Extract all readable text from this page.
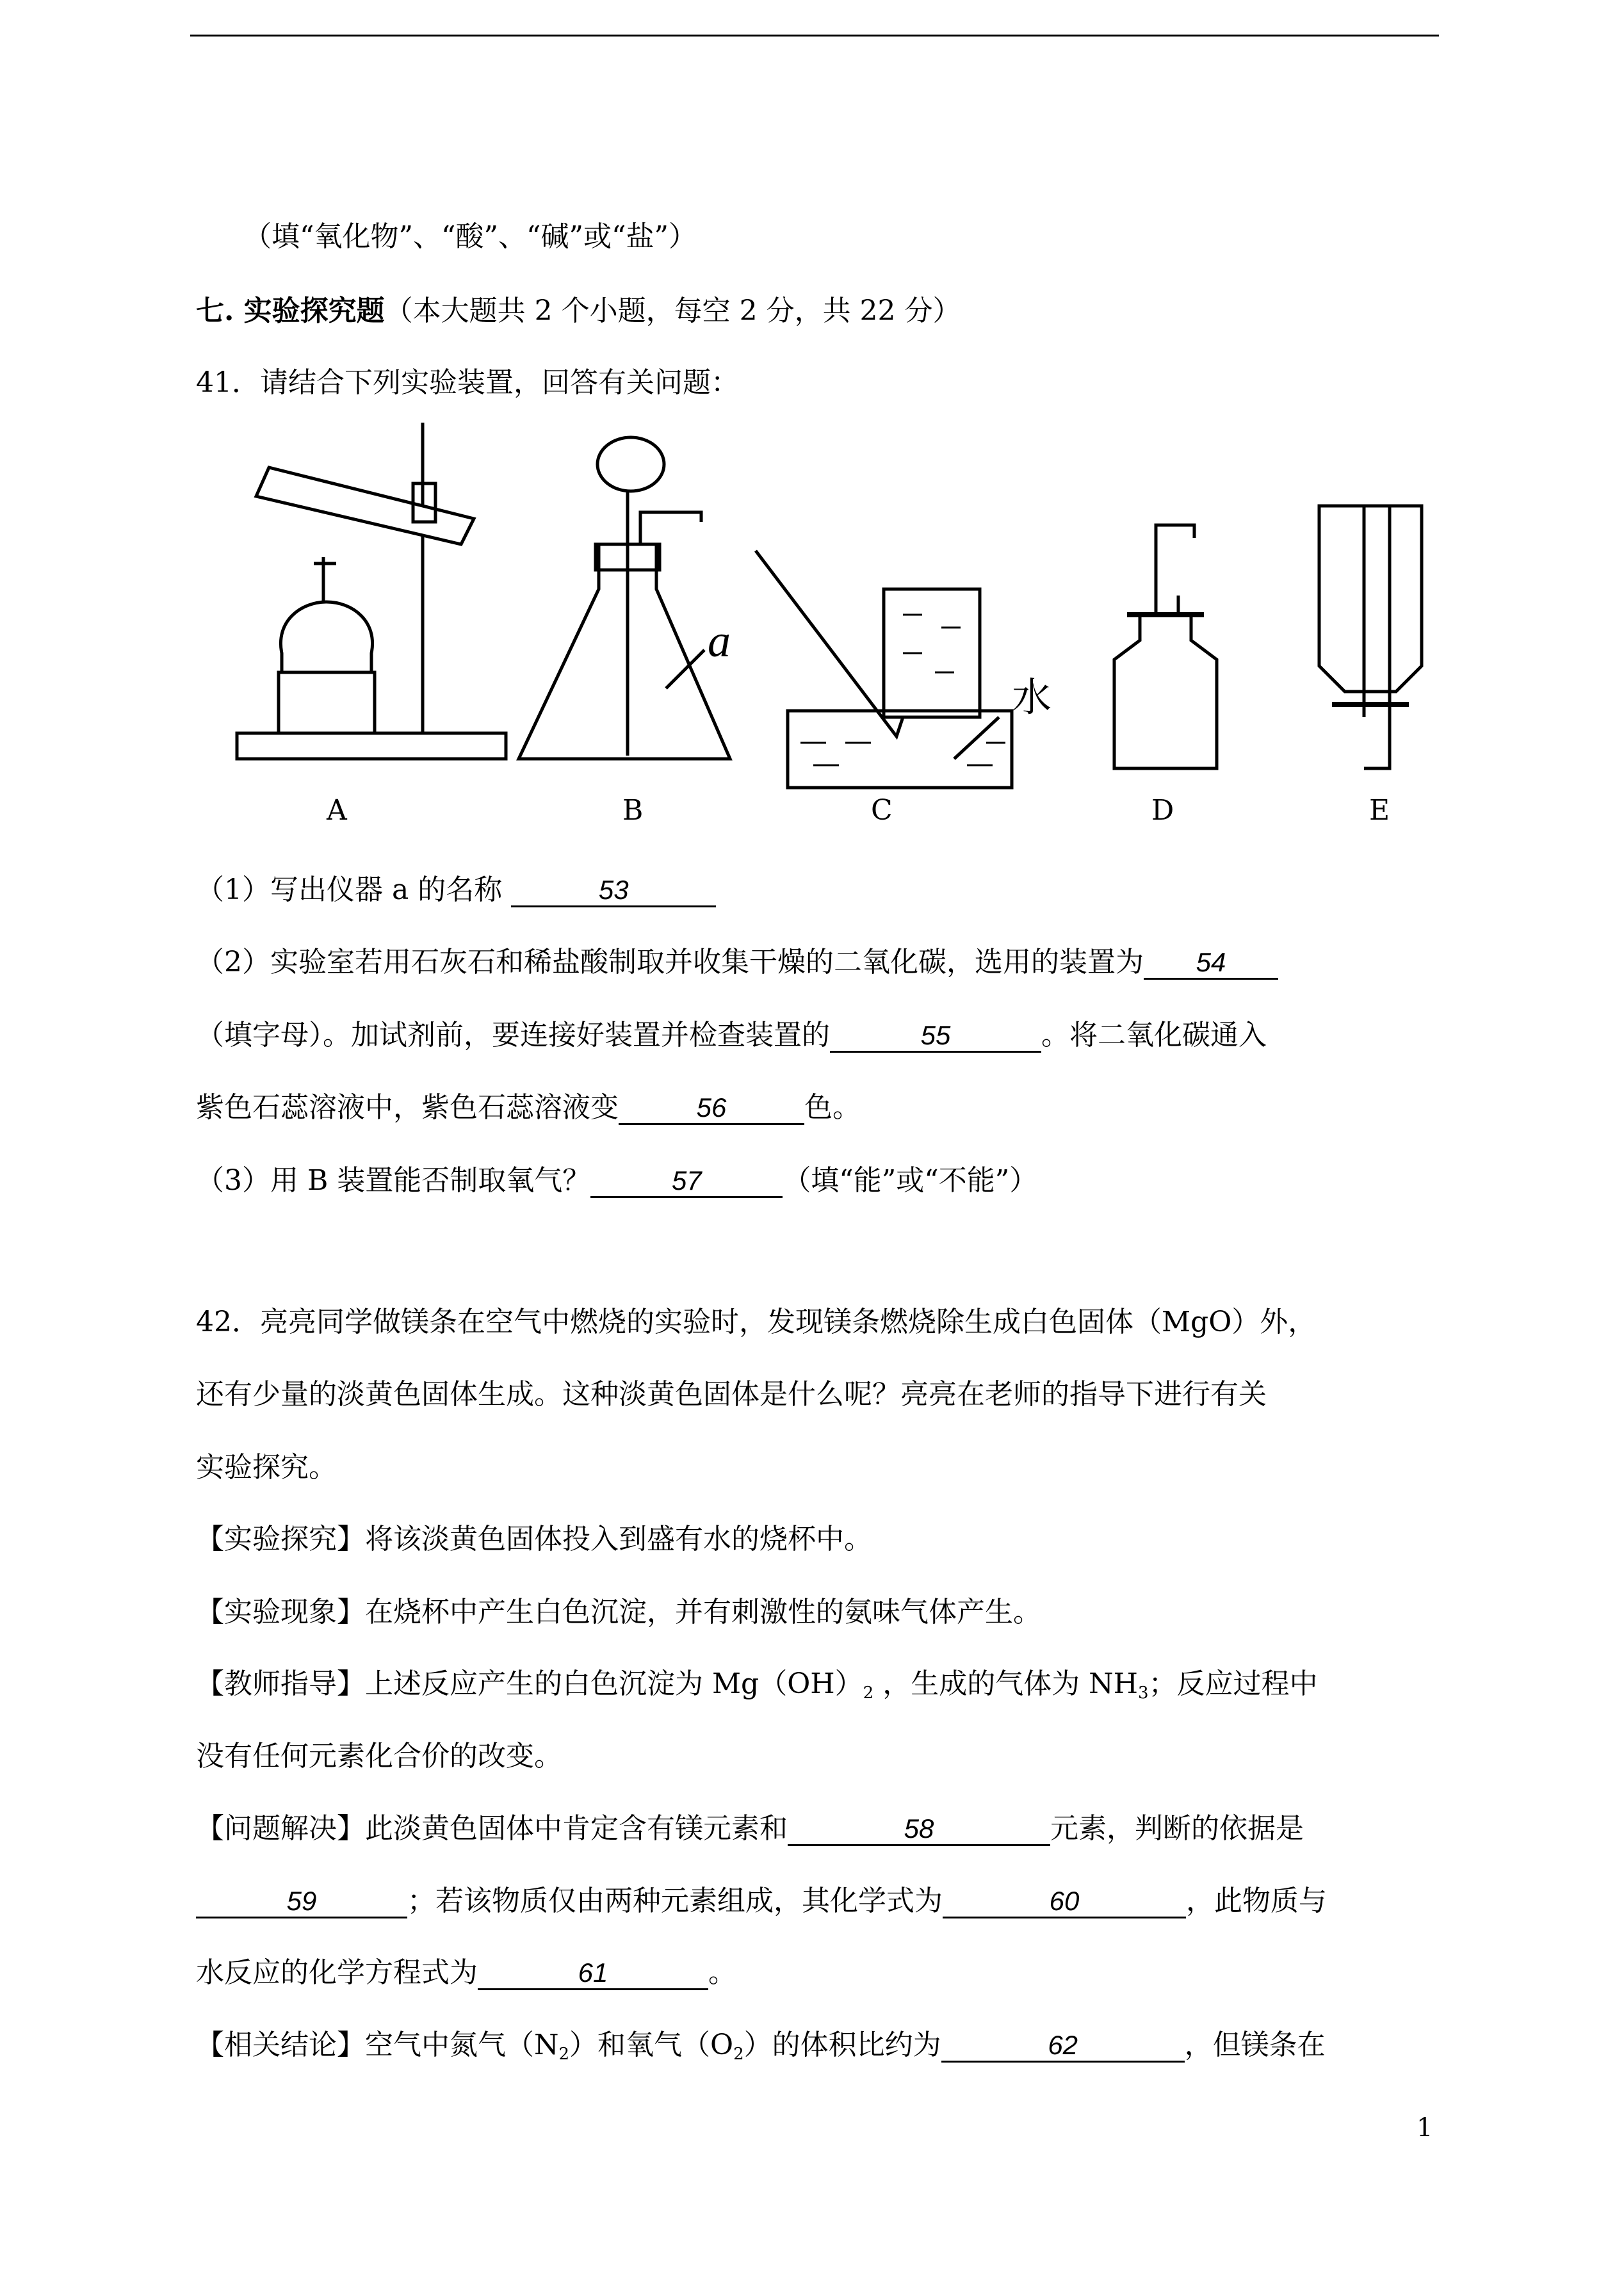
（填“氧化物”、“酸”、“碱”或“盐”）
七. 实验探究题（本大题共 2 个小题，每空 2 分，共 22 分）
41．请结合下列实验装置，回答有关问题：
a
水
A	B	C	D	E
（1）写出仪器 a 的名称	53
（2）实验室若用石灰石和稀盐酸制取并收集干燥的二氧化碳，选用的装置为 54
（填字母）。加试剂前，要连接好装置并检查装置的	55	。将二氧化碳通入
紫色石蕊溶液中，紫色石蕊溶液变	56	色。
（3）用 B 装置能否制取氧气？	57	（填“能”或“不能”）
42．亮亮同学做镁条在空气中燃烧的实验时，发现镁条燃烧除生成白色固体（MgO）外，
还有少量的淡黄色固体生成。这种淡黄色固体是什么呢？亮亮在老师的指导下进行有关
实验探究。
【实验探究】将该淡黄色固体投入到盛有水的烧杯中。
【实验现象】在烧杯中产生白色沉淀，并有刺激性的氨味气体产生。
【教师指导】上述反应产生的白色沉淀为 $Mg(OH)_2$ ，生成的气体为 $NH_3$；反应过程中
没有任何元素化合价的改变。
【问题解决】此淡黄色固体中肯定含有镁元素和	58	元素，判断的依据是
59	；若该物质仅由两种元素组成，其化学式为	60	，此物质与
水反应的化学方程式为	61	。
【相关结论】空气中氮气$(N_2)$和氧气$(O_2)$的体积比约为	62	，但镁条在
1
